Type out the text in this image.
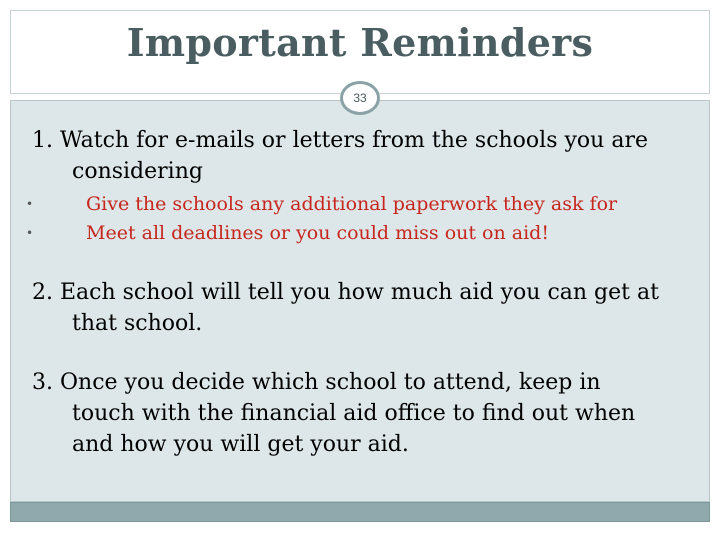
Important Reminders
33
1. Watch for e-mails or letters from the schools you are
considering
•	Give the schools any additional paperwork they ask for
•	Meet all deadlines or you could miss out on aid!
2. Each school will tell you how much aid you can get at
that school.
3. Once you decide which school to attend, keep in
touch with the financial aid office to find out when
and how you will get your aid.
